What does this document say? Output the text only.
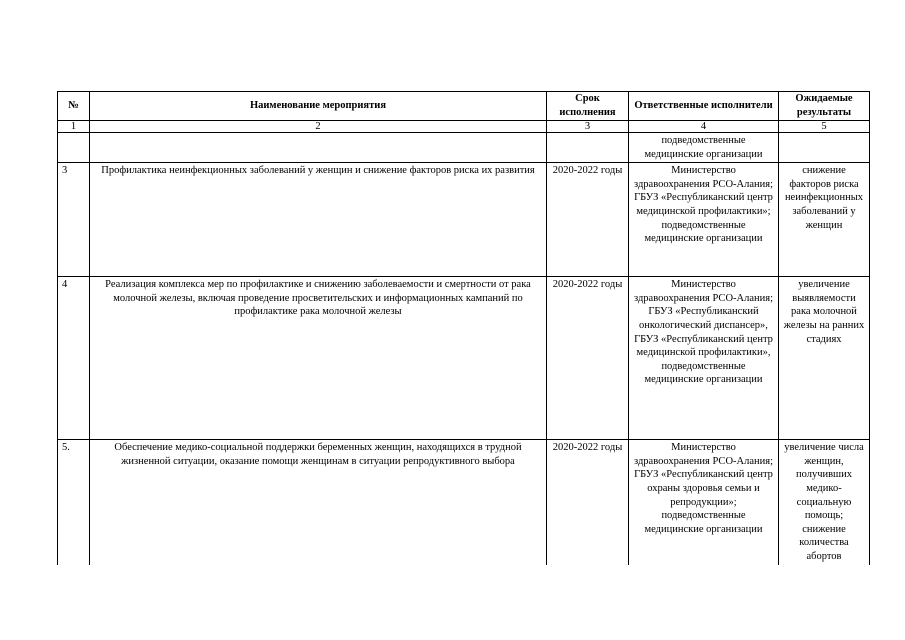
№	Наименование мероприятия	Срок исполнения	Ответственные исполнители	Ожидаемые результаты
1	2	3	4	5
			подведомственные медицинские организации	
3	Профилактика неинфекционных заболеваний у женщин и снижение факторов риска их развития	2020-2022 годы	Министерство здравоохранения РСО-Алания; ГБУЗ «Республиканский центр медицинской профилактики»; подведомственные медицинские организации	снижение факторов риска неинфекционных заболеваний у женщин
4	Реализация комплекса мер по профилактике и снижению заболеваемости и смертности от рака молочной железы, включая проведение просветительских и информационных кампаний по профилактике рака молочной железы	2020-2022 годы	Министерство здравоохранения РСО-Алания; ГБУЗ «Республиканский онкологический диспансер», ГБУЗ «Республиканский центр медицинской профилактики», подведомственные медицинские организации	увеличение выявляемости рака молочной железы на ранних стадиях
5.	Обеспечение медико-социальной поддержки беременных женщин, находящихся в трудной жизненной ситуации, оказание помощи женщинам в ситуации репродуктивного выбора	2020-2022 годы	Министерство здравоохранения РСО-Алания; ГБУЗ «Республиканский центр охраны здоровья семьи и репродукции»; подведомственные медицинские организации	увеличение числа женщин, получивших медико-социальную помощь; снижение количества абортов
